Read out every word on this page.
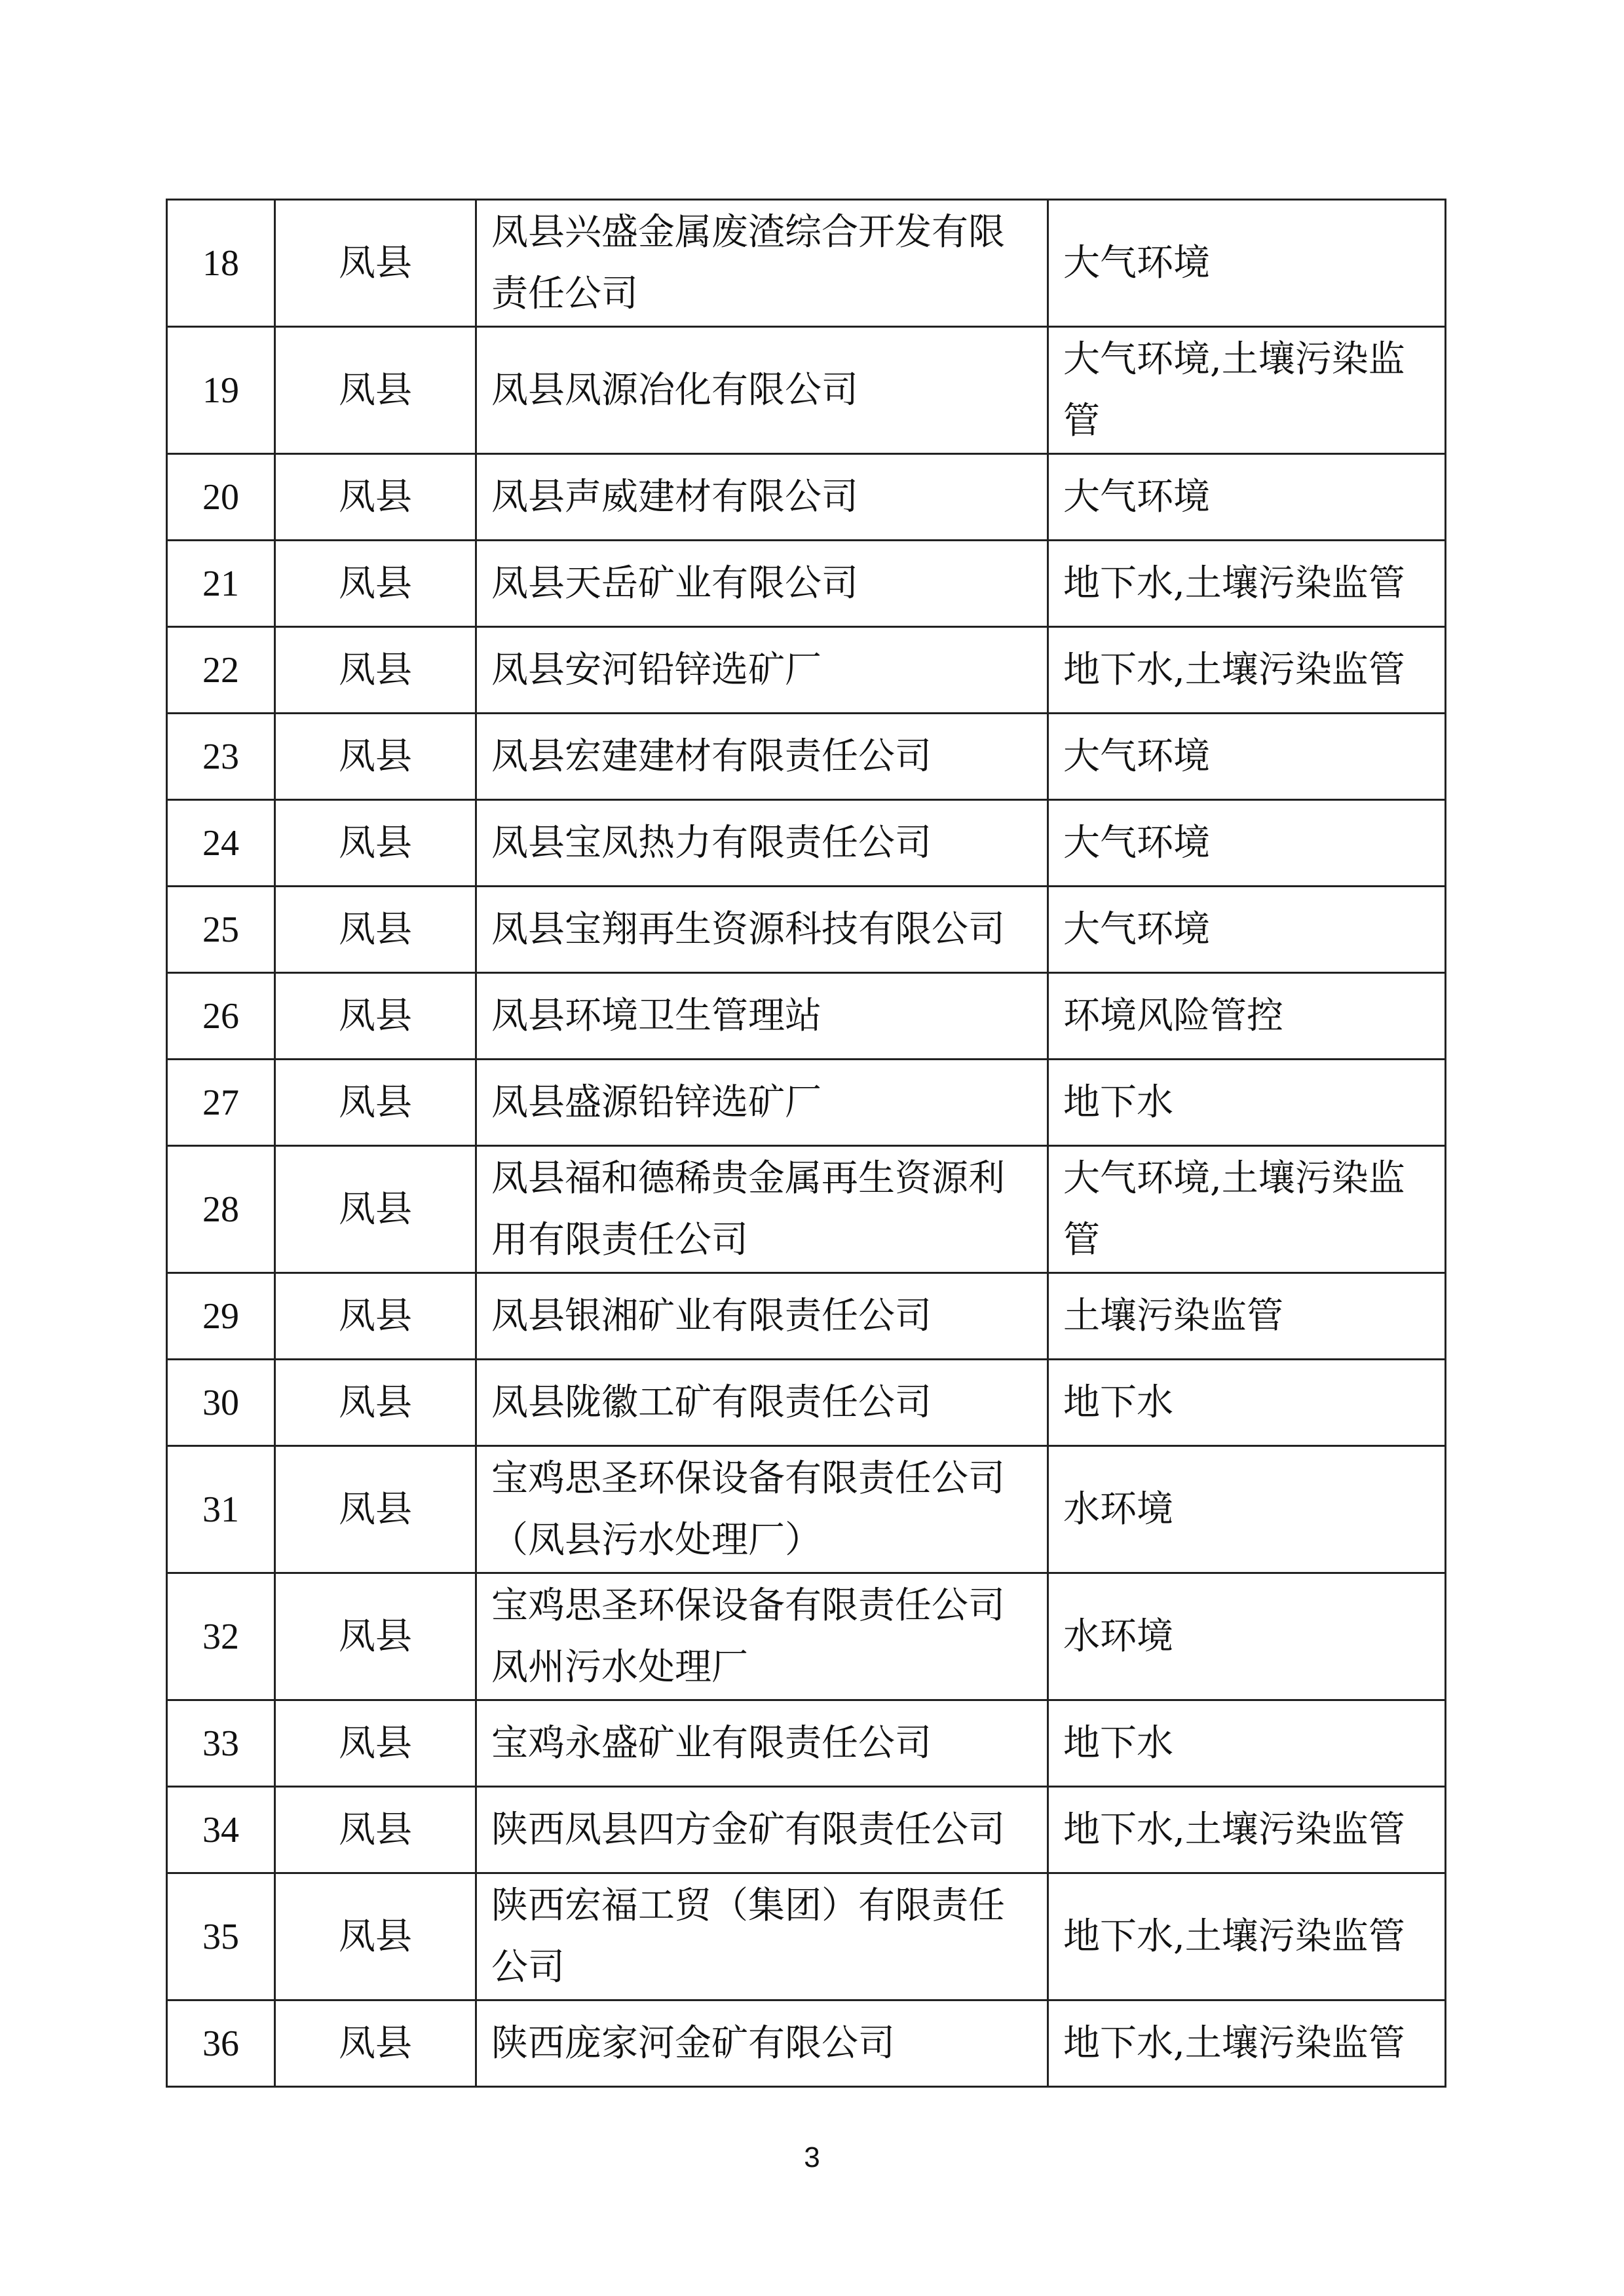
18	凤县	凤县兴盛金属废渣综合开发有限责任公司	大气环境
19	凤县	凤县凤源冶化有限公司	大气环境,土壤污染监管
20	凤县	凤县声威建材有限公司	大气环境
21	凤县	凤县天岳矿业有限公司	地下水,土壤污染监管
22	凤县	凤县安河铅锌选矿厂	地下水,土壤污染监管
23	凤县	凤县宏建建材有限责任公司	大气环境
24	凤县	凤县宝凤热力有限责任公司	大气环境
25	凤县	凤县宝翔再生资源科技有限公司	大气环境
26	凤县	凤县环境卫生管理站	环境风险管控
27	凤县	凤县盛源铅锌选矿厂	地下水
28	凤县	凤县福和德稀贵金属再生资源利用有限责任公司	大气环境,土壤污染监管
29	凤县	凤县银湘矿业有限责任公司	土壤污染监管
30	凤县	凤县陇徽工矿有限责任公司	地下水
31	凤县	宝鸡思圣环保设备有限责任公司（凤县污水处理厂）	水环境
32	凤县	宝鸡思圣环保设备有限责任公司凤州污水处理厂	水环境
33	凤县	宝鸡永盛矿业有限责任公司	地下水
34	凤县	陕西凤县四方金矿有限责任公司	地下水,土壤污染监管
35	凤县	陕西宏福工贸（集团）有限责任公司	地下水,土壤污染监管
36	凤县	陕西庞家河金矿有限公司	地下水,土壤污染监管
3
